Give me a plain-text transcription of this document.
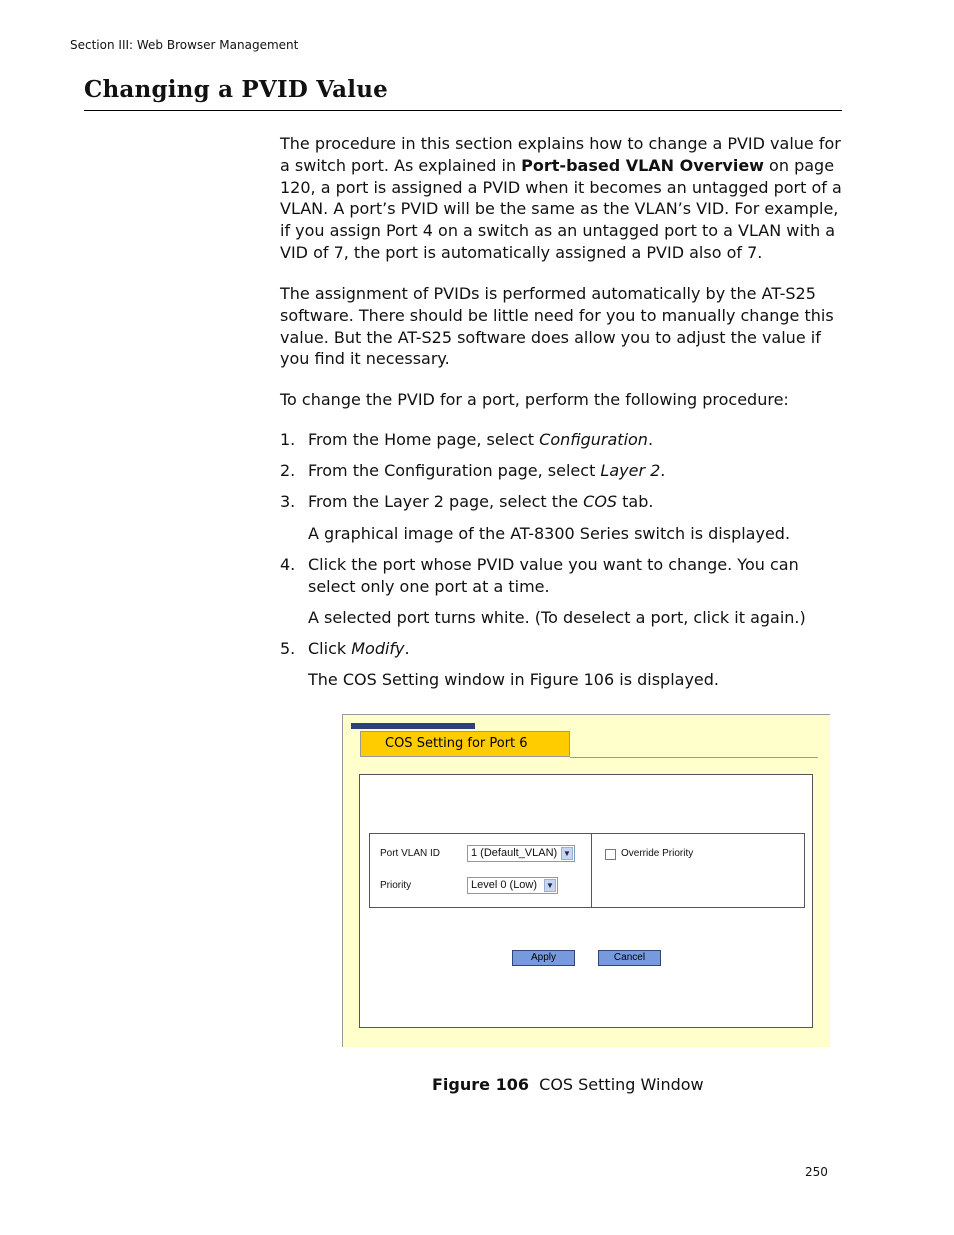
Section III: Web Browser Management
Changing a PVID Value
The procedure in this section explains how to change a PVID value for a switch port. As explained in Port-based VLAN Overview on page 120, a port is assigned a PVID when it becomes an untagged port of a VLAN. A port’s PVID will be the same as the VLAN’s VID. For example, if you assign Port 4 on a switch as an untagged port to a VLAN with a VID of 7, the port is automatically assigned a PVID also of 7.
The assignment of PVIDs is performed automatically by the AT-S25 software. There should be little need for you to manually change this value. But the AT-S25 software does allow you to adjust the value if you find it necessary.
To change the PVID for a port, perform the following procedure:
1. From the Home page, select Configuration.
2. From the Configuration page, select Layer 2.
3. From the Layer 2 page, select the COS tab.
A graphical image of the AT-8300 Series switch is displayed.
4. Click the port whose PVID value you want to change. You can select only one port at a time.
A selected port turns white. (To deselect a port, click it again.)
5. Click Modify.
The COS Setting window in Figure 106 is displayed.
COS Setting for Port 6
Port VLAN ID	1 (Default_VLAN) ▼
Priority	Level 0 (Low) ▼
Override Priority
Apply	Cancel
Figure 106  COS Setting Window
250
